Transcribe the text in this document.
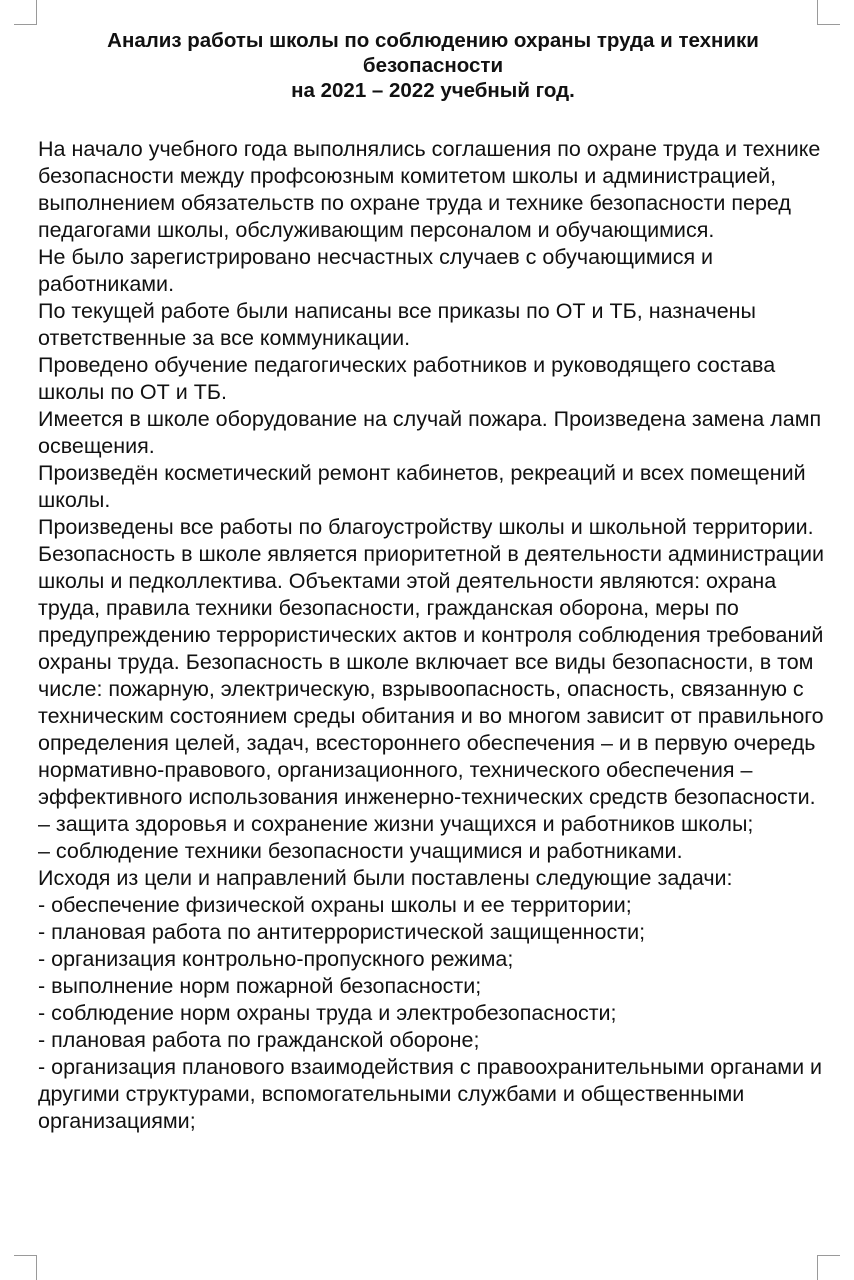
Анализ работы школы по соблюдению охраны труда и техники
безопасности
на 2021 – 2022 учебный год.

На начало учебного года выполнялись соглашения по охране труда и технике безопасности между профсоюзным комитетом школы и администрацией, выполнением обязательств по охране труда и технике безопасности перед педагогами школы, обслуживающим персоналом и обучающимися.

Не было зарегистрировано несчастных случаев с обучающимися и работниками.

По текущей работе были написаны все приказы по ОТ и ТБ, назначены ответственные за все коммуникации.

Проведено обучение педагогических работников и руководящего состава школы по ОТ и ТБ.

Имеется в школе оборудование на случай пожара. Произведена замена ламп освещения.

Произведён косметический ремонт кабинетов, рекреаций и всех помещений школы.

Произведены все работы по благоустройству школы и школьной территории. Безопасность в школе является приоритетной в деятельности администрации школы и педколлектива. Объектами этой деятельности являются: охрана труда, правила техники безопасности, гражданская оборона, меры по предупреждению террористических актов и контроля соблюдения требований охраны труда. Безопасность в школе включает все виды безопасности, в том числе: пожарную, электрическую, взрывоопасность, опасность, связанную с техническим состоянием среды обитания и во многом зависит от правильного определения целей, задач, всестороннего обеспечения – и в первую очередь нормативно-правового, организационного, технического обеспечения – эффективного использования инженерно-технических средств безопасности.

– защита здоровья и сохранение жизни учащихся и работников школы;

– соблюдение техники безопасности учащимися и работниками.

Исходя из цели и направлений были поставлены следующие задачи:

- обеспечение физической охраны школы и ее территории;

- плановая работа по антитеррористической защищенности;

- организация контрольно-пропускного режима;

- выполнение норм пожарной безопасности;

- соблюдение норм охраны труда и электробезопасности;

- плановая работа по гражданской обороне;

- организация планового взаимодействия с правоохранительными органами и другими структурами, вспомогательными службами и общественными организациями;
